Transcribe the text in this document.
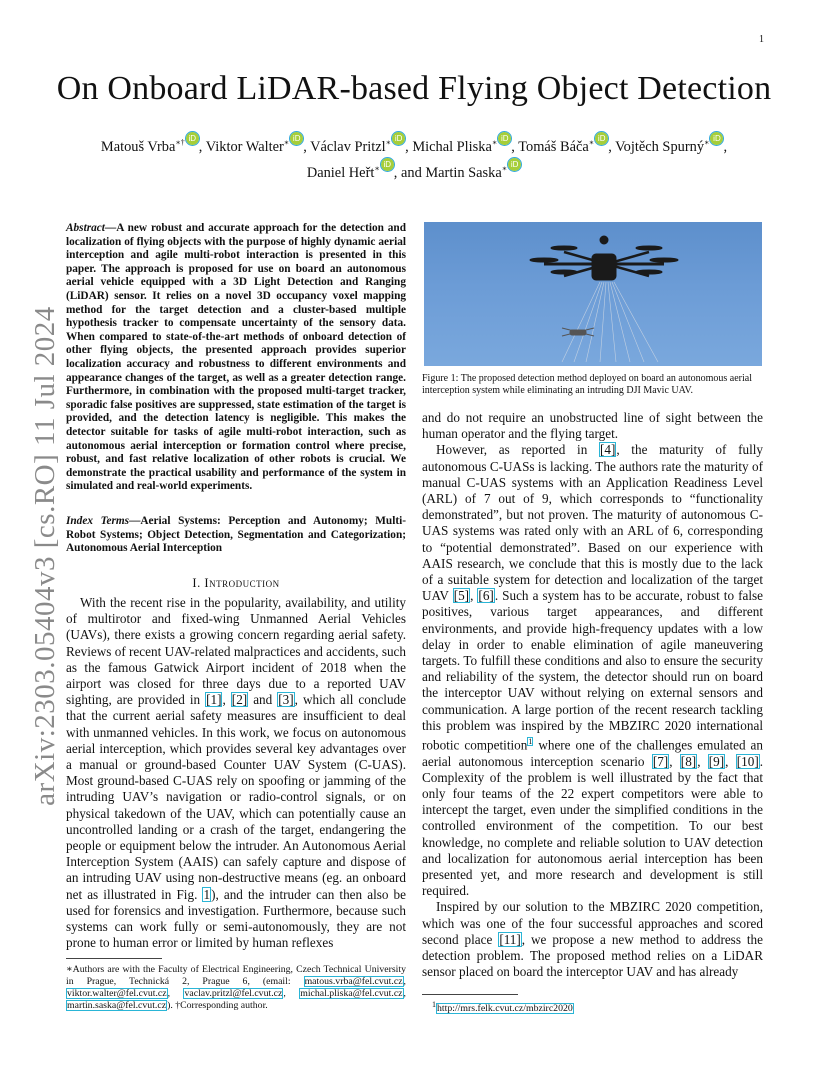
1
arXiv:2303.05404v3 [cs.RO] 11 Jul 2024
On Onboard LiDAR-based Flying Object Detection
Matouš Vrba∗† iD, Viktor Walter∗ iD, Václav Pritzl∗ iD, Michal Pliska∗ iD, Tomáš Báča∗ iD, Vojtěch Spurný∗ iD,
Daniel Heřt∗ iD, and Martin Saska∗ iD
Abstract—A new robust and accurate approach for the detection and localization of flying objects with the purpose of highly dynamic aerial interception and agile multi-robot interaction is presented in this paper. The approach is proposed for use on board an autonomous aerial vehicle equipped with a 3D Light Detection and Ranging (LiDAR) sensor. It relies on a novel 3D occupancy voxel mapping method for the target detection and a cluster-based multiple hypothesis tracker to compensate uncertainty of the sensory data. When compared to state-of-the-art methods of onboard detection of other flying objects, the presented approach provides superior localization accuracy and robustness to different environments and appearance changes of the target, as well as a greater detection range. Furthermore, in combination with the proposed multi-target tracker, sporadic false positives are suppressed, state estimation of the target is provided, and the detection latency is negligible. This makes the detector suitable for tasks of agile multi-robot interaction, such as autonomous aerial interception or formation control where precise, robust, and fast relative localization of other robots is crucial. We demonstrate the practical usability and performance of the system in simulated and real-world experiments.
Index Terms—Aerial Systems: Perception and Autonomy; Multi-Robot Systems; Object Detection, Segmentation and Categorization; Autonomous Aerial Interception
I. Introduction

With the recent rise in the popularity, availability, and utility of multirotor and fixed-wing Unmanned Aerial Vehicles (UAVs), there exists a growing concern regarding aerial safety. Reviews of recent UAV-related malpractices and accidents, such as the famous Gatwick Airport incident of 2018 when the airport was closed for three days due to a reported UAV sighting, are provided in [1], [2] and [3], which all conclude that the current aerial safety measures are insufficient to deal with unmanned vehicles. In this work, we focus on autonomous aerial interception, which provides several key advantages over a manual or ground-based Counter UAV System (C-UAS). Most ground-based C-UAS rely on spoofing or jamming of the intruding UAV’s navigation or radio-control signals, or on physical takedown of the UAV, which can potentially cause an uncontrolled landing or a crash of the target, endangering the people or equipment below the intruder. An Autonomous Aerial Interception System (AAIS) can safely capture and dispose of an intruding UAV using non-destructive means (eg. an onboard net as illustrated in Fig. 1), and the intruder can then also be used for forensics and investigation. Furthermore, because such systems can work fully or semi-autonomously, they are not prone to human error or limited by human reflexes

∗Authors are with the Faculty of Electrical Engineering, Czech Technical University in Prague, Technická 2, Prague 6, (email: matous.vrba@fel.cvut.cz, viktor.walter@fel.cvut.cz, vaclav.pritzl@fel.cvut.cz, michal.pliska@fel.cvut.cz, martin.saska@fel.cvut.cz). †Corresponding author.
Figure 1: The proposed detection method deployed on board an autonomous aerial interception system while eliminating an intruding DJI Mavic UAV.

and do not require an unobstructed line of sight between the human operator and the flying target.

However, as reported in [4], the maturity of fully autonomous C-UASs is lacking. The authors rate the maturity of manual C-UAS systems with an Application Readiness Level (ARL) of 7 out of 9, which corresponds to “functionality demonstrated”, but not proven. The maturity of autonomous C-UAS systems was rated only with an ARL of 6, corresponding to “potential demonstrated”. Based on our experience with AAIS research, we conclude that this is mostly due to the lack of a suitable system for detection and localization of the target UAV [5], [6]. Such a system has to be accurate, robust to false positives, various target appearances, and different environments, and provide high-frequency updates with a low delay in order to enable elimination of agile maneuvering targets. To fulfill these conditions and also to ensure the security and reliability of the system, the detector should run on board the interceptor UAV without relying on external sensors and communication. A large portion of the recent research tackling this problem was inspired by the MBZIRC 2020 international robotic competition$^1$ where one of the challenges emulated an aerial autonomous interception scenario [7], [8], [9], [10]. Complexity of the problem is well illustrated by the fact that only four teams of the 22 expert competitors were able to intercept the target, even under the simplified conditions in the controlled environment of the competition. To our best knowledge, no complete and reliable solution to UAV detection and localization for autonomous aerial interception has been presented yet, and more research and development is still required.

Inspired by our solution to the MBZIRC 2020 competition, which was one of the four successful approaches and scored second place [11], we propose a new method to address the detection problem. The proposed method relies on a LiDAR sensor placed on board the interceptor UAV and has already

$^1$http://mrs.felk.cvut.cz/mbzirc2020
